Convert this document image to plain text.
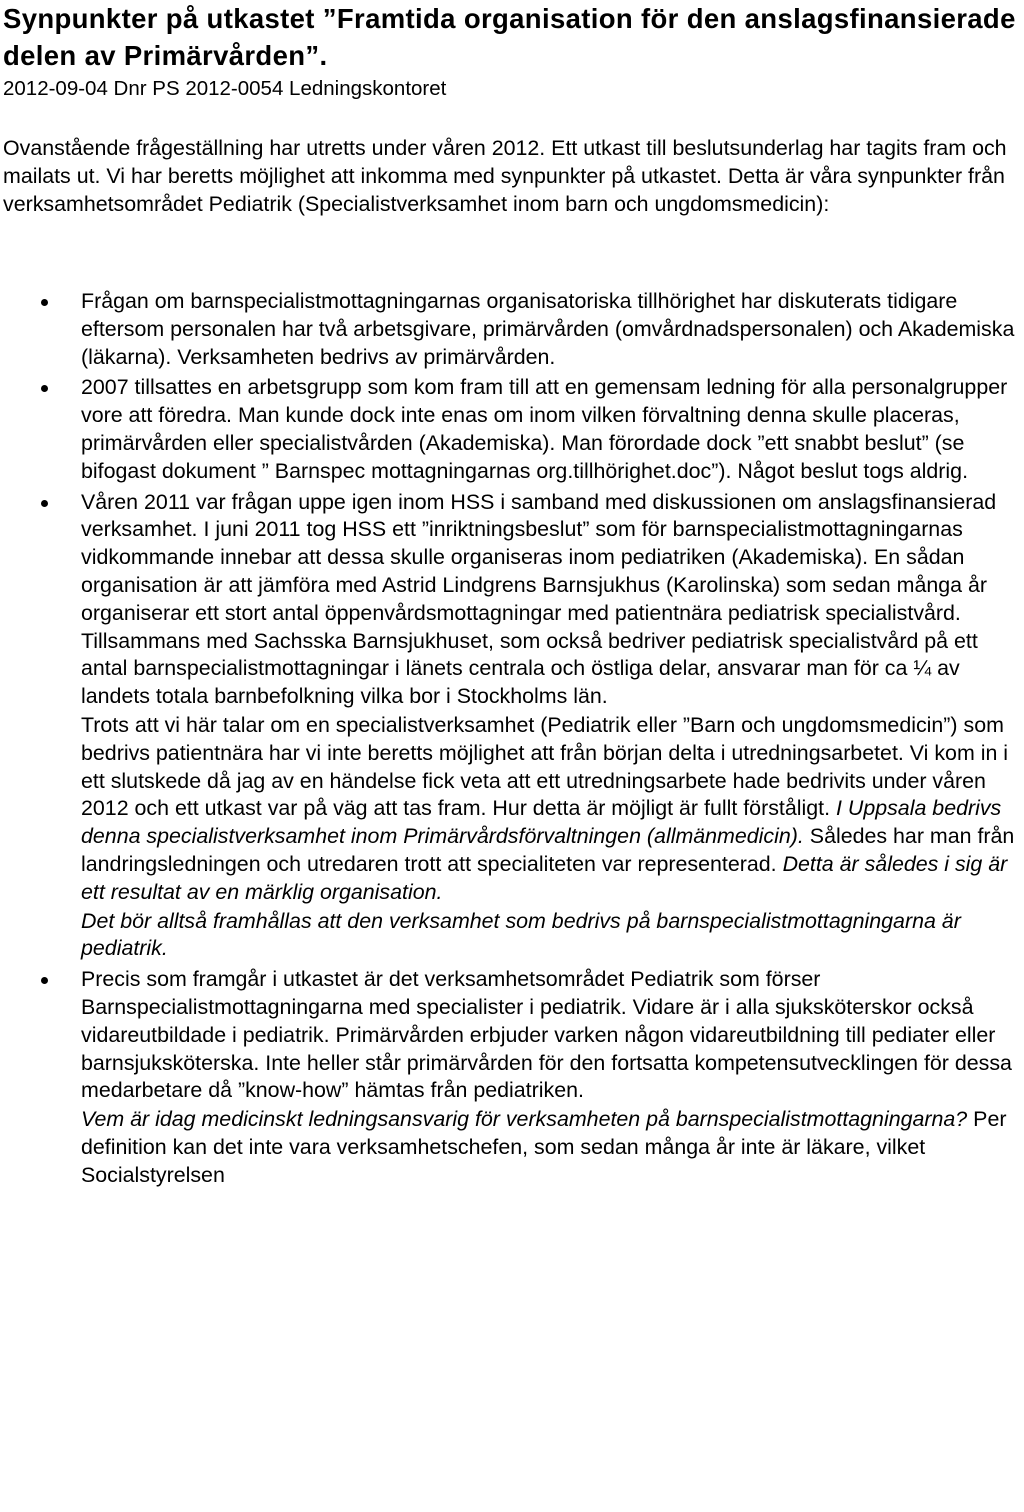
Synpunkter på utkastet ”Framtida organisation för den anslagsfinansierade delen av Primärvården”.
2012-09-04 Dnr PS 2012-0054 Ledningskontoret

Ovanstående frågeställning har utretts under våren 2012. Ett utkast till beslutsunderlag har tagits fram och mailats ut. Vi har beretts möjlighet att inkomma med synpunkter på utkastet. Detta är våra synpunkter från verksamhetsområdet Pediatrik (Specialistverksamhet inom barn och ungdomsmedicin):

Frågan om barnspecialistmottagningarnas organisatoriska tillhörighet har diskuterats tidigare eftersom personalen har två arbetsgivare, primärvården (omvårdnadspersonalen) och Akademiska (läkarna). Verksamheten bedrivs av primärvården.

2007 tillsattes en arbetsgrupp som kom fram till att en gemensam ledning för alla personalgrupper vore att föredra. Man kunde dock inte enas om inom vilken förvaltning denna skulle placeras, primärvården eller specialistvården (Akademiska). Man förordade dock ”ett snabbt beslut” (se bifogast dokument ” Barnspec mottagningarnas org.tillhörighet.doc”). Något beslut togs aldrig.

Våren 2011 var frågan uppe igen inom HSS i samband med diskussionen om anslagsfinansierad verksamhet. I juni 2011 tog HSS ett ”inriktningsbeslut” som för barnspecialistmottagningarnas vidkommande innebar att dessa skulle organiseras inom pediatriken (Akademiska). En sådan organisation är att jämföra med Astrid Lindgrens Barnsjukhus (Karolinska) som sedan många år organiserar ett stort antal öppenvårdsmottagningar med patientnära pediatrisk specialistvård. Tillsammans med Sachsska Barnsjukhuset, som också bedriver pediatrisk specialistvård på ett antal barnspecialistmottagningar i länets centrala och östliga delar, ansvarar man för ca ¼ av landets totala barnbefolkning vilka bor i Stockholms län.

Trots att vi här talar om en specialistverksamhet (Pediatrik eller ”Barn och ungdomsmedicin”) som bedrivs patientnära har vi inte beretts möjlighet att från början delta i utredningsarbetet. Vi kom in i ett slutskede då jag av en händelse fick veta att ett utredningsarbete hade bedrivits under våren 2012 och ett utkast var på väg att tas fram. Hur detta är möjligt är fullt förståligt. I Uppsala bedrivs denna specialistverksamhet inom Primärvårdsförvaltningen (allmänmedicin). Således har man från landringsledningen och utredaren trott att specialiteten var representerad. Detta är således i sig är ett resultat av en märklig organisation.

Det bör alltså framhållas att den verksamhet som bedrivs på barnspecialistmottagningarna är pediatrik.

Precis som framgår i utkastet är det verksamhetsområdet Pediatrik som förser Barnspecialistmottagningarna med specialister i pediatrik. Vidare är i alla sjuksköterskor också vidareutbildade i pediatrik. Primärvården erbjuder varken någon vidareutbildning till pediater eller barnsjuksköterska. Inte heller står primärvården för den fortsatta kompetensutvecklingen för dessa medarbetare då ”know-how” hämtas från pediatriken.

Vem är idag medicinskt ledningsansvarig för verksamheten på barnspecialistmottagningarna? Per definition kan det inte vara verksamhetschefen, som sedan många år inte är läkare, vilket Socialstyrelsen
